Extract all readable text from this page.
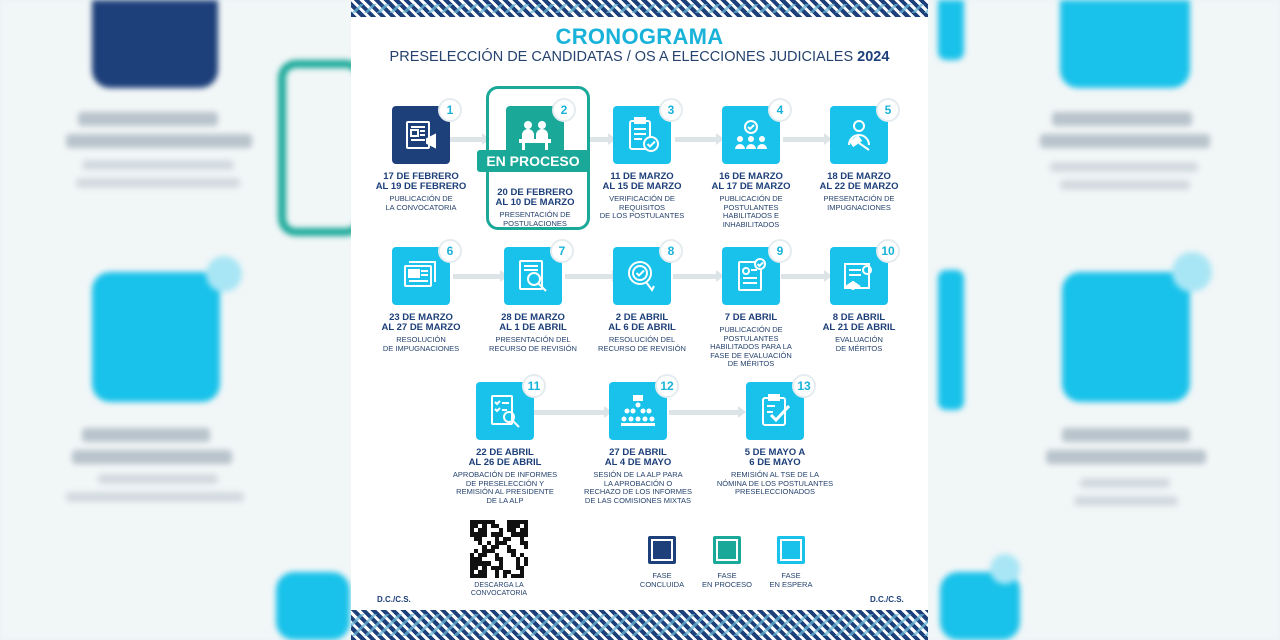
CRONOGRAMA
PRESELECCIÓN DE CANDIDATAS / OS A ELECCIONES JUDICIALES 2024
1
17 DE FEBRERO
AL 19 DE FEBRERO
PUBLICACIÓN DE
LA CONVOCATORIA
2
20 DE FEBRERO
AL 10 DE MARZO
PRESENTACIÓN DE
POSTULACIONES
EN PROCESO
3
11 DE MARZO
AL 15 DE MARZO
VERIFICACIÓN DE
REQUISITOS
DE LOS POSTULANTES
4
16 DE MARZO
AL 17 DE MARZO
PUBLICACIÓN DE
POSTULANTES
HABILITADOS E
INHABILITADOS
5
18 DE MARZO
AL 22 DE MARZO
PRESENTACIÓN DE
IMPUGNACIONES
6
23 DE MARZO
AL 27 DE MARZO
RESOLUCIÓN
DE IMPUGNACIONES
7
28 DE MARZO
AL 1 DE ABRIL
PRESENTACIÓN DEL
RECURSO DE REVISIÓN
8
2 DE ABRIL
AL 6 DE ABRIL
RESOLUCIÓN DEL
RECURSO DE REVISIÓN
9
7 DE ABRIL
PUBLICACIÓN DE
POSTULANTES
HABILITADOS PARA LA
FASE DE EVALUACIÓN
DE MÉRITOS
10
8 DE ABRIL
AL 21 DE ABRIL
EVALUACIÓN
DE MÉRITOS
11
22 DE ABRIL
AL 26 DE ABRIL
APROBACIÓN DE INFORMES
DE PRESELECCIÓN Y
REMISIÓN AL PRESIDENTE
DE LA ALP
12
27 DE ABRIL
AL 4 DE MAYO
SESIÓN DE LA ALP PARA
LA APROBACIÓN O
RECHAZO DE LOS INFORMES
DE LAS COMISIONES MIXTAS
13
5 DE MAYO A
6 DE MAYO
REMISIÓN AL TSE DE LA
NÓMINA DE LOS POSTULANTES
PRESELECCIONADOS
DESCARGA LA
CONVOCATORIA
FASE
CONCLUIDA
FASE
EN PROCESO
FASE
EN ESPERA
D.C./C.S.	D.C./C.S.
